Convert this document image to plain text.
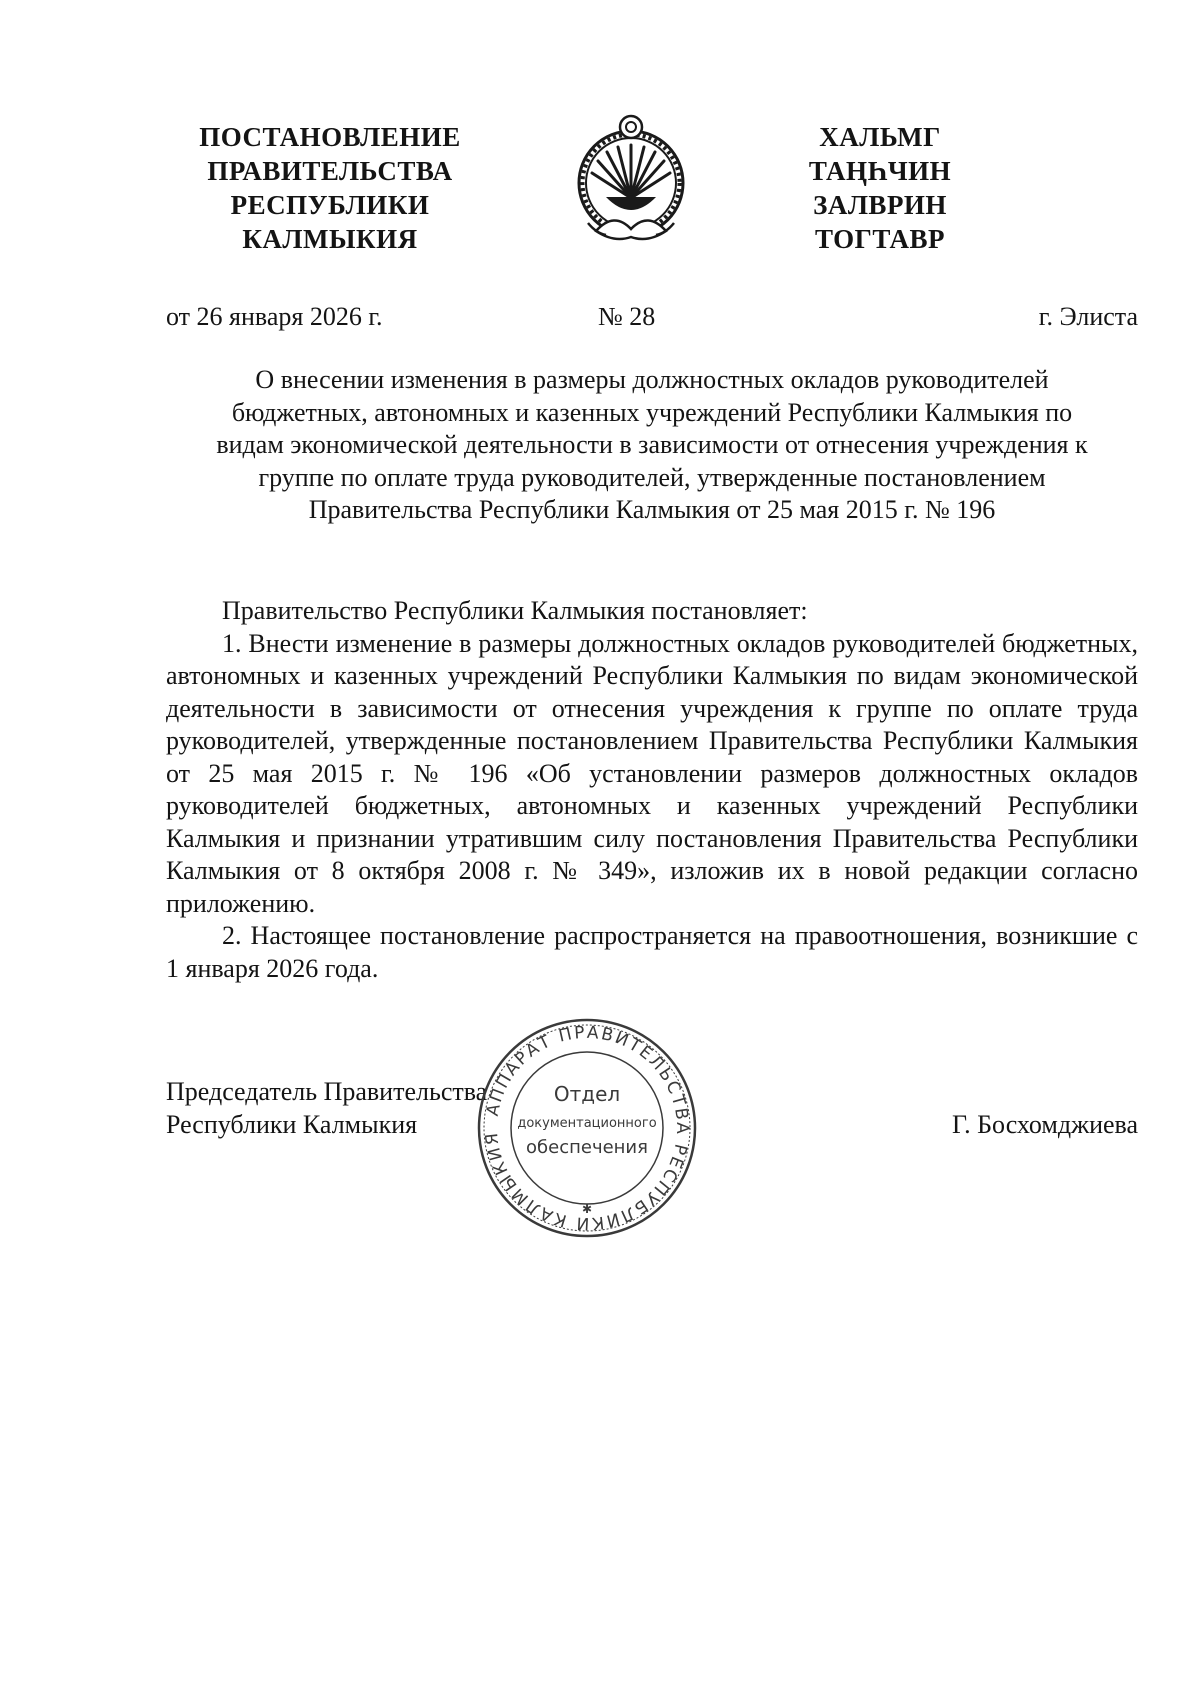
ПОСТАНОВЛЕНИЕ
ПРАВИТЕЛЬСТВА
РЕСПУБЛИКИ
КАЛМЫКИЯ
ХАЛЬМГ
ТАҢҺЧИН
ЗАЛВРИН
ТОГТАВР
от 26 января 2026 г.	№ 28	г. Элиста
О внесении изменения в размеры должностных окладов руководителей
бюджетных, автономных и казенных учреждений Республики Калмыкия по
видам экономической деятельности в зависимости от отнесения учреждения к
группе по оплате труда руководителей, утвержденные постановлением
Правительства Республики Калмыкия от 25 мая 2015 г. № 196

Правительство Республики Калмыкия постановляет:

1. Внести изменение в размеры должностных окладов руководителей бюджетных, автономных и казенных учреждений Республики Калмыкия по видам экономической деятельности в зависимости от отнесения учреждения к группе по оплате труда руководителей, утвержденные постановлением Правительства Республики Калмыкия от 25 мая 2015 г. № 196 «Об установлении размеров должностных окладов руководителей бюджетных, автономных и казенных учреждений Республики Калмыкия и признании утратившим силу постановления Правительства Республики Калмыкия от 8 октября 2008 г. № 349», изложив их в новой редакции согласно приложению.

2. Настоящее постановление распространяется на правоотношения, возникшие с 1 января 2026 года.

Председатель Правительства
Республики Калмыкия
АППАРАТ ПРАВИТЕЛЬСТВА РЕСПУБЛИКИ КАЛМЫКИЯ
Отдел
документационного
обеспечения
✱
Г. Босхомджиева
